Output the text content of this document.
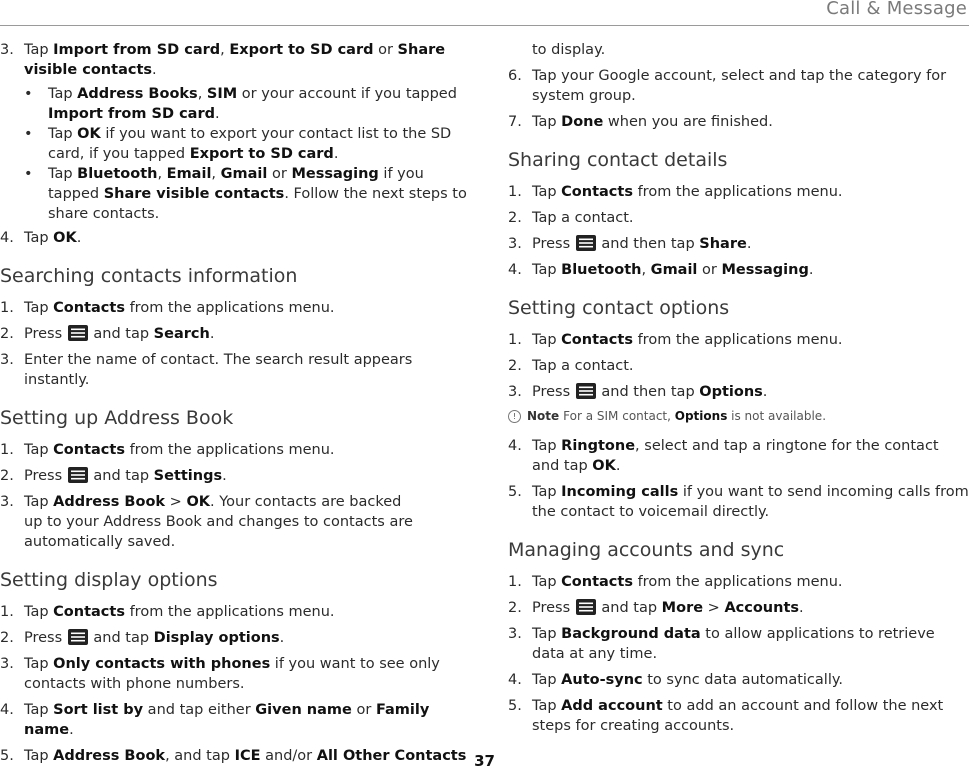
Call & Message
3. Tap Import from SD card, Export to SD card or Share visible contacts.
•	Tap Address Books, SIM or your account if you tapped Import from SD card.
•	Tap OK if you want to export your contact list to the SD card, if you tapped Export to SD card.
•	Tap Bluetooth, Email, Gmail or Messaging if you tapped Share visible contacts. Follow the next steps to share contacts.
4. Tap OK.
Searching contacts information
1. Tap Contacts from the applications menu.
2. Press  and tap Search.
3. Enter the name of contact. The search result appears instantly.
Setting up Address Book
1. Tap Contacts from the applications menu.
2. Press  and tap Settings.
3. Tap Address Book > OK. Your contacts are backed up to your Address Book and changes to contacts are automatically saved.
Setting display options
1. Tap Contacts from the applications menu.
2. Press  and tap Display options.
3. Tap Only contacts with phones if you want to see only contacts with phone numbers.
4. Tap Sort list by and tap either Given name or Family name.
5. Tap Address Book, and tap ICE and/or All Other Contacts
to display.
6. Tap your Google account, select and tap the category for system group.
7. Tap Done when you are finished.
Sharing contact details
1. Tap Contacts from the applications menu.
2. Tap a contact.
3. Press  and then tap Share.
4. Tap Bluetooth, Gmail or Messaging.
Setting contact options
1. Tap Contacts from the applications menu.
2. Tap a contact.
3. Press  and then tap Options.
! Note For a SIM contact, Options is not available.
4. Tap Ringtone, select and tap a ringtone for the contact and tap OK.
5. Tap Incoming calls if you want to send incoming calls from the contact to voicemail directly.
Managing accounts and sync
1. Tap Contacts from the applications menu.
2. Press  and tap More > Accounts.
3. Tap Background data to allow applications to retrieve data at any time.
4. Tap Auto-sync to sync data automatically.
5. Tap Add account to add an account and follow the next steps for creating accounts.
37
